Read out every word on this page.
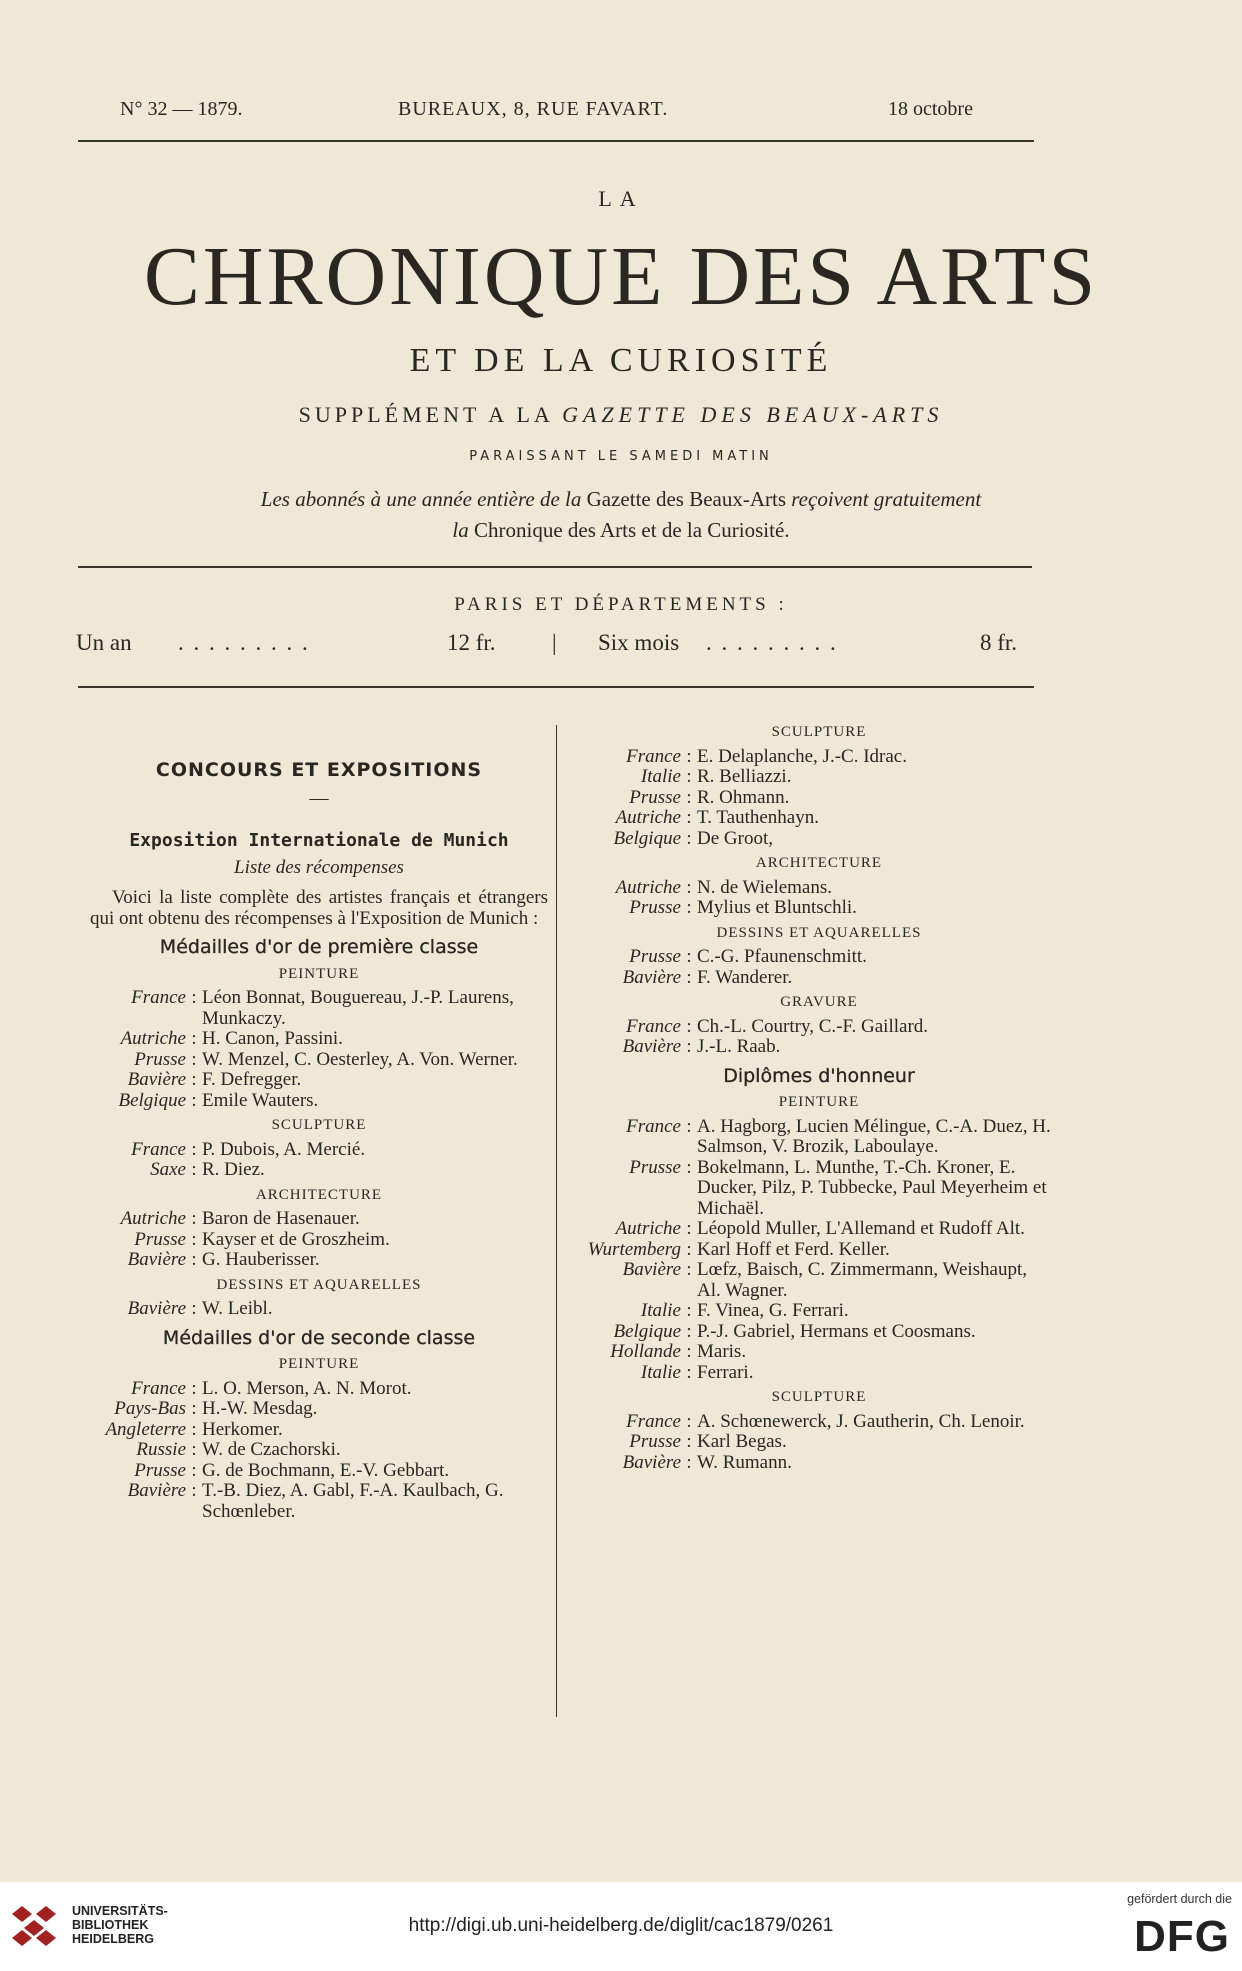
N° 32 — 1879.	BUREAUX, 8, RUE FAVART.	18 octobre
LA
CHRONIQUE DES ARTS
ET DE LA CURIOSITÉ
SUPPLÉMENT A LA GAZETTE DES BEAUX-ARTS
PARAISSANT LE SAMEDI MATIN
Les abonnés à une année entière de la Gazette des Beaux-Arts reçoivent gratuitement
la Chronique des Arts et de la Curiosité.
PARIS ET DÉPARTEMENTS :
Un an . . . . . . . . .	12 fr. | Six mois . . . . . . . . .	8 fr.
CONCOURS ET EXPOSITIONS
—
Exposition Internationale de Munich
Liste des récompenses
Voici la liste complète des artistes français et étrangers qui ont obtenu des récompenses à l'Exposition de Munich :
Médailles d'or de première classe
PEINTURE
France : Léon Bonnat, Bouguereau, J.-P. Laurens, Munkaczy.
Autriche : H. Canon, Passini.
Prusse : W. Menzel, C. Oesterley, A. Von. Werner.
Bavière : F. Defregger.
Belgique : Emile Wauters.
SCULPTURE
France : P. Dubois, A. Mercié.
Saxe : R. Diez.
ARCHITECTURE
Autriche : Baron de Hasenauer.
Prusse : Kayser et de Groszheim.
Bavière : G. Hauberisser.
DESSINS ET AQUARELLES
Bavière : W. Leibl.
Médailles d'or de seconde classe
PEINTURE
France : L. O. Merson, A. N. Morot.
Pays-Bas : H.-W. Mesdag.
Angleterre : Herkomer.
Russie : W. de Czachorski.
Prusse : G. de Bochmann, E.-V. Gebbart.
Bavière : T.-B. Diez, A. Gabl, F.-A. Kaulbach, G. Schœnleber.
SCULPTURE
France : E. Delaplanche, J.-C. Idrac.
Italie : R. Belliazzi.
Prusse : R. Ohmann.
Autriche : T. Tauthenhayn.
Belgique : De Groot,
ARCHITECTURE
Autriche : N. de Wielemans.
Prusse : Mylius et Bluntschli.
DESSINS ET AQUARELLES
Prusse : C.-G. Pfaunenschmitt.
Bavière : F. Wanderer.
GRAVURE
France : Ch.-L. Courtry, C.-F. Gaillard.
Bavière : J.-L. Raab.
Diplômes d'honneur
PEINTURE
France : A. Hagborg, Lucien Mélingue, C.-A. Duez, H. Salmson, V. Brozik, Laboulaye.
Prusse : Bokelmann, L. Munthe, T.-Ch. Kroner, E. Ducker, Pilz, P. Tubbecke, Paul Meyerheim et Michaël.
Autriche : Léopold Muller, L'Allemand et Rudoff Alt.
Wurtemberg : Karl Hoff et Ferd. Keller.
Bavière : Lœfz, Baisch, C. Zimmermann, Weishaupt, Al. Wagner.
Italie : F. Vinea, G. Ferrari.
Belgique : P.-J. Gabriel, Hermans et Coosmans.
Hollande : Maris.
Italie : Ferrari.
SCULPTURE
France : A. Schœnewerck, J. Gautherin, Ch. Lenoir.
Prusse : Karl Begas.
Bavière : W. Rumann.
UNIVERSITÄTS-
BIBLIOTHEK
HEIDELBERG
http://digi.ub.uni-heidelberg.de/diglit/cac1879/0261
gefördert durch die
DFG
